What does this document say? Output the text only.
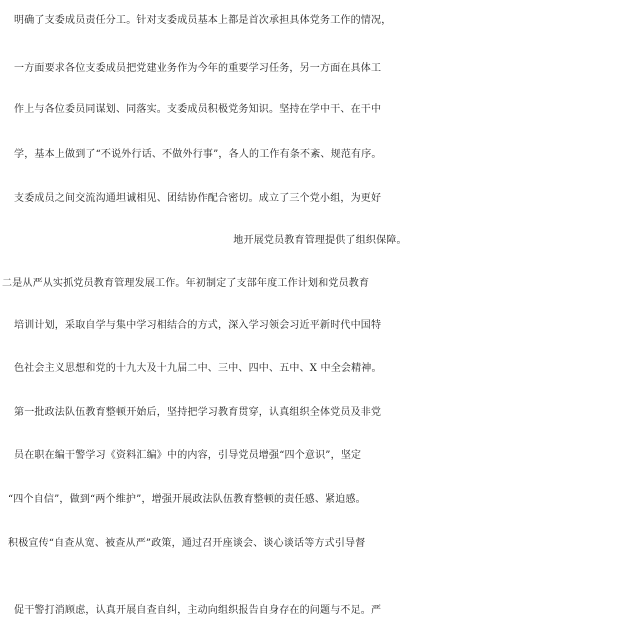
明确了支委成员责任分工。针对支委成员基本上都是首次承担具体党务工作的情况，
一方面要求各位支委成员把党建业务作为今年的重要学习任务，另一方面在具体工
作上与各位委员同谋划、同落实。支委成员积极党务知识。坚持在学中干、在干中
学，基本上做到了“不说外行话、不做外行事”，各人的工作有条不紊、规范有序。
支委成员之间交流沟通坦诚相见、团结协作配合密切。成立了三个党小组，为更好
地开展党员教育管理提供了组织保障。
二是从严从实抓党员教育管理发展工作。年初制定了支部年度工作计划和党员教育
培训计划，采取自学与集中学习相结合的方式，深入学习领会习近平新时代中国特
色社会主义思想和党的十九大及十九届二中、三中、四中、五中、X 中全会精神。
第一批政法队伍教育整顿开始后，坚持把学习教育贯穿，认真组织全体党员及非党
员在职在编干警学习《资料汇编》中的内容，引导党员增强“四个意识”，坚定
“四个自信”，做到“两个维护”，增强开展政法队伍教育整顿的责任感、紧迫感。
积极宣传“自查从宽、被查从严”政策，通过召开座谈会、谈心谈话等方式引导督
促干警打消顾虑，认真开展自查自纠，主动向组织报告自身存在的问题与不足。严
